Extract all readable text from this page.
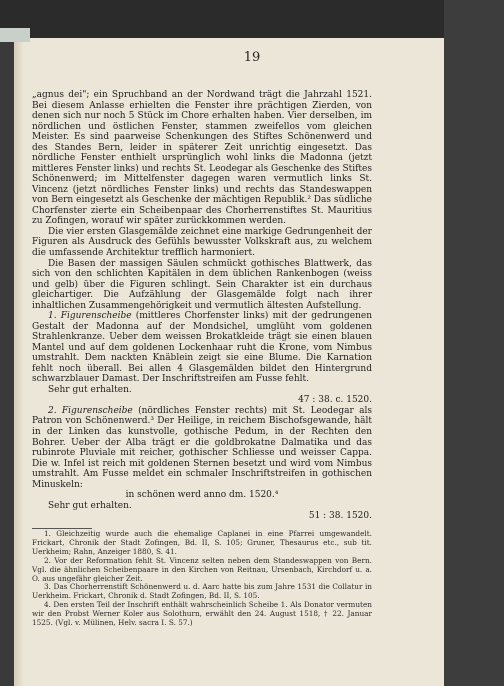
19

„agnus dei"; ein Spruchband an der Nordwand trägt die Jahrzahl 1521. Bei diesem Anlasse erhielten die Fenster ihre prächtigen Zierden, von denen sich nur noch 5 Stück im Chore erhalten haben. Vier derselben, im nördlichen und östlichen Fenster, stammen zweifellos vom gleichen Meister. Es sind paarweise Schenkungen des Stiftes Schönenwerd und des Standes Bern, leider in späterer Zeit unrichtig eingesetzt. Das nördliche Fenster enthielt ursprünglich wohl links die Madonna (jetzt mittleres Fenster links) und rechts St. Leodegar als Geschenke des Stiftes Schönenwerd; im Mittelfenster dagegen waren vermutlich links St. Vincenz (jetzt nördliches Fenster links) und rechts das Standeswappen von Bern eingesetzt als Geschenke der mächtigen Republik.² Das südliche Chorfenster zierte ein Scheibenpaar des Chorherrenstiftes St. Mauritius zu Zofingen, worauf wir später zurückkommen werden.

Die vier ersten Glasgemälde zeichnet eine markige Gedrungenheit der Figuren als Ausdruck des Gefühls bewusster Volkskraft aus, zu welchem die umfassende Architektur trefflich harmoniert.

Die Basen der massigen Säulen schmückt gothisches Blattwerk, das sich von den schlichten Kapitälen in dem üblichen Rankenbogen (weiss und gelb) über die Figuren schlingt. Sein Charakter ist ein durchaus gleichartiger. Die Aufzählung der Glasgemälde folgt nach ihrer inhaltlichen Zusammengehörigkeit und vermutlich ältesten Aufstellung.

1. Figurenscheibe (mittleres Chorfenster links) mit der gedrungenen Gestalt der Madonna auf der Mondsichel, umglüht vom goldenen Strahlenkranze. Ueber dem weissen Brokatkleide trägt sie einen blauen Mantel und auf dem goldenen Lockenhaar ruht die Krone, vom Nimbus umstrahlt. Dem nackten Knäblein zeigt sie eine Blume. Die Karnation fehlt noch überall. Bei allen 4 Glasgemälden bildet den Hintergrund schwarzblauer Damast. Der Inschriftstreifen am Fusse fehlt.

Sehr gut erhalten.

47 : 38. c. 1520.

2. Figurenscheibe (nördliches Fenster rechts) mit St. Leodegar als Patron von Schönenwerd.³ Der Heilige, in reichem Bischofsgewande, hält in der Linken das kunstvolle, gothische Pedum, in der Rechten den Bohrer. Ueber der Alba trägt er die goldbrokatne Dalmatika und das rubinrote Pluviale mit reicher, gothischer Schliesse und weisser Cappa. Die w. Infel ist reich mit goldenen Sternen besetzt und wird vom Nimbus umstrahlt. Am Fusse meldet ein schmaler Inschriftstreifen in gothischen Minuskeln:

in schönen werd anno dm. 1520.⁴

Sehr gut erhalten.

51 : 38. 1520.

1. Gleichzeitig wurde auch die ehemalige Caplanei in eine Pfarrei umgewandelt. Frickart, Chronik der Stadt Zofingen, Bd. II, S. 105; Gruner, Thesaurus etc., sub tit. Uerkheim; Rahn, Anzeiger 1880, S. 41.

2. Vor der Reformation fehlt St. Vincenz selten neben dem Standeswappen von Bern. Vgl. die ähnlichen Scheibenpaare in den Kirchen von Reitnau, Ursenbach, Kirchdorf u. a. O. aus ungefähr gleicher Zeit.

3. Das Chorherrenstift Schönenwerd u. d. Aarc hatte bis zum Jahre 1531 die Collatur in Uerkheim. Frickart, Chronik d. Stadt Zofingen, Bd. II, S. 105.

4. Den ersten Teil der Inschrift enthält wahrscheinlich Scheibe 1. Als Donator vermuten wir den Probst Werner Koler aus Solothurn, erwählt den 24. August 1518, † 22. Januar 1525. (Vgl. v. Mülinen, Helv. sacra I. S. 57.)
